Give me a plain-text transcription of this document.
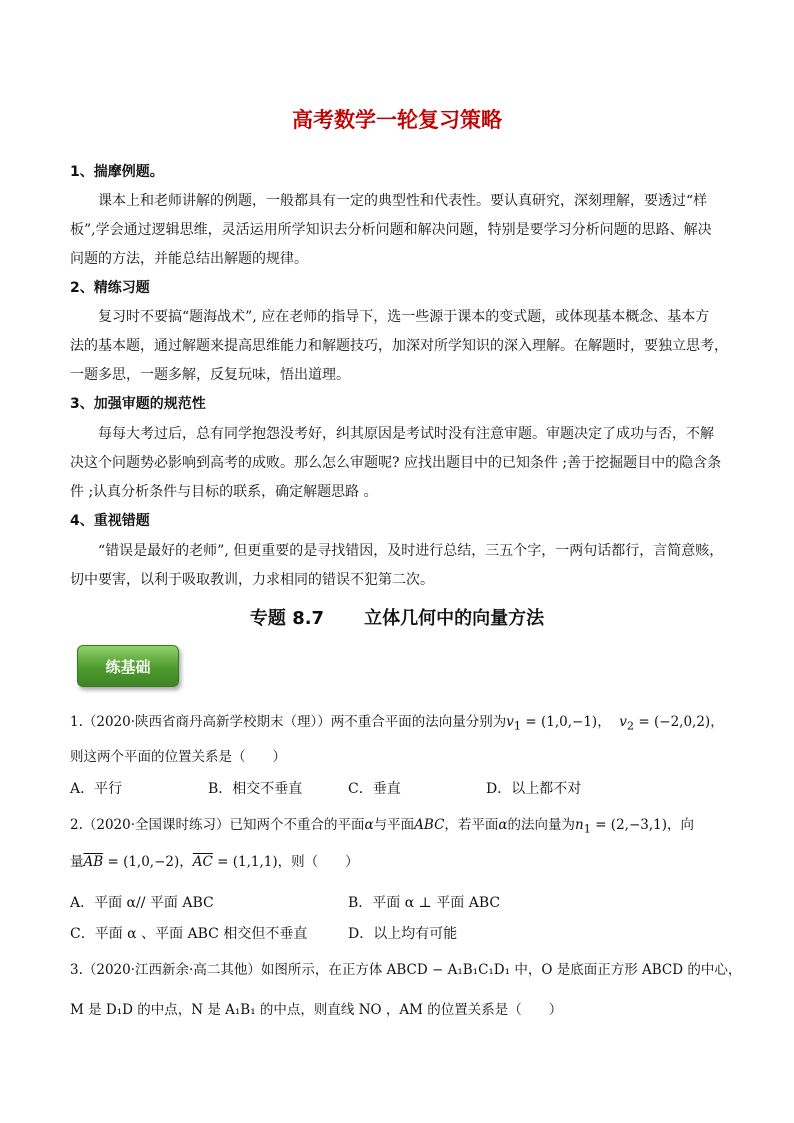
高考数学一轮复习策略
1、揣摩例题。
课本上和老师讲解的例题，一般都具有一定的典型性和代表性。要认真研究，深刻理解，要透过“样
板”,学会通过逻辑思维，灵活运用所学知识去分析问题和解决问题，特别是要学习分析问题的思路、解决
问题的方法，并能总结出解题的规律。
2、精练习题
复习时不要搞“题海战术”, 应在老师的指导下，选一些源于课本的变式题，或体现基本概念、基本方
法的基本题，通过解题来提高思维能力和解题技巧，加深对所学知识的深入理解。在解题时，要独立思考，
一题多思，一题多解，反复玩味，悟出道理。
3、加强审题的规范性
每每大考过后，总有同学抱怨没考好，纠其原因是考试时没有注意审题。审题决定了成功与否，不解
决这个问题势必影响到高考的成败。那么怎么审题呢? 应找出题目中的已知条件 ;善于挖掘题目中的隐含条
件 ;认真分析条件与目标的联系，确定解题思路 。
4、重视错题
“错误是最好的老师”, 但更重要的是寻找错因，及时进行总结，三五个字，一两句话都行，言简意赅，
切中要害，以利于吸取教训，力求相同的错误不犯第二次。
专题 8.7 立体几何中的向量方法
练基础
1.（2020·陕西省商丹高新学校期末（理））两不重合平面的法向量分别为$v_1 = (1,0,-1)$， $v_2 = (-2,0,2)$，
则这两个平面的位置关系是（　　）
A．平行	B．相交不垂直	C．垂直	D．以上都不对
2.（2020·全国课时练习）已知两个不重合的平面α与平面ABC，若平面α的法向量为$n_1 = (2,-3,1)$，向
量$\overline{AB} = (1,0,-2)$，$\overline{AC} = (1,1,1)$，则（　　）
A．平面 α// 平面 ABC	B．平面 α ⊥ 平面 ABC
C．平面 α 、平面 ABC 相交但不垂直	D．以上均有可能
3.（2020·江西新余·高二其他）如图所示，在正方体 ABCD − A₁B₁C₁D₁ 中，O 是底面正方形 ABCD 的中心，
M 是 D₁D 的中点，N 是 A₁B₁ 的中点，则直线 NO ，AM 的位置关系是（　　）
